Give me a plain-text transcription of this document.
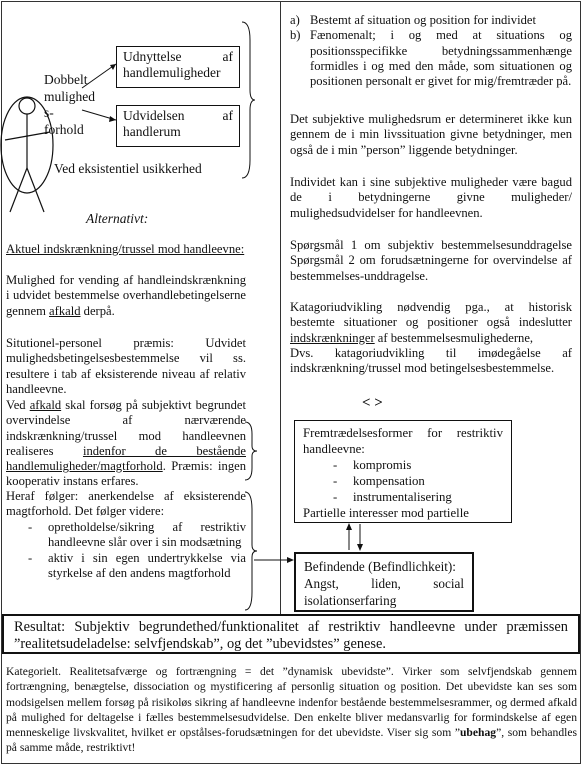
Dobbelt
mulighed
s-
forhold
Udnyttelse af handlemuligheder
Udvidelsen af handlerum
Ved eksistentiel usikkerhed
Alternativt:
Aktuel indskrænkning/trussel mod handleevne:
Mulighed for vending af handleindskrænkning i udvidet bestemmelse overhandlebetingelserne gennem afkald derpå.
Situtionel-personel præmis: Udvidet mulighedsbetingelsesbestemmelse vil ss. resultere i tab af eksisterende niveau af relativ handleevne.
Ved afkald skal forsøg på subjektivt begrundet overvindelse af nærværende indskrænkning/trussel mod handleevnen realiseres indenfor de bestående handlemuligheder/magtforhold. Præmis: ingen kooperativ instans erfares.
Heraf følger: anerkendelse af eksisterende magtforhold. Det følger videre:
-	opretholdelse/sikring af restriktiv handleevne slår over i sin modsætning
-	aktiv i sin egen undertrykkelse via styrkelse af den andens magtforhold
a) Bestemt af situation og position for individet
b) Fænomenalt; i og med at situations og positionsspecifikke betydningssammenhænge formidles i og med den måde, som situationen og positionen personalt er givet for mig/fremtræder på.
Det subjektive mulighedsrum er determineret ikke kun gennem de i min livssituation givne betydninger, men også de i min ”person” liggende betydninger.
Individet kan i sine subjektive muligheder være bagud de i betydningerne givne muligheder/ mulighedsudvidelser for handleevnen.
Spørgsmål 1 om subjektiv bestemmelsesunddragelse Spørgsmål 2 om forudsætningerne for overvindelse af bestemmelses-unddragelse.
Katagoriudvikling nødvendig pga., at historisk bestemte situationer og positioner også indeslutter indskrænkninger af bestemmelsesmulighederne,
Dvs. katagoriudvikling til imødegåelse af indskrænkning/trussel mod betingelsesbestemmelse.
< >
Fremtrædelsesformer for restriktiv handleevne:
-	kompromis
-	kompensation
-	instrumentalisering
Partielle interesser mod partielle
Befindende (Befindlichkeit):
Angst, liden, social isolationserfaring
Resultat: Subjektiv begrundethed/funktionalitet af restriktiv handleevne under præmissen ”realitetsudeladelse: selvfjendskab”, og det ”ubevidstes” genese.
Kategorielt. Realitetsafværge og fortrængning = det ”dynamisk ubevidste”. Virker som selvfjendskab gennem fortrængning, benægtelse, dissociation og mystificering af personlig situation og position. Det ubevidste kan ses som modsigelsen mellem forsøg på risikoløs sikring af handleevne indenfor bestående bestemmelsesrammer, og dermed afkald på mulighed for deltagelse i fælles bestemmelsesudvidelse. Den enkelte bliver medansvarlig for formindskelse af egen menneskelige livskvalitet, hvilket er opstålses-forudsætningen for det ubevidste. Viser sig som ”ubehag”, som behandles på samme måde, restriktivt!
